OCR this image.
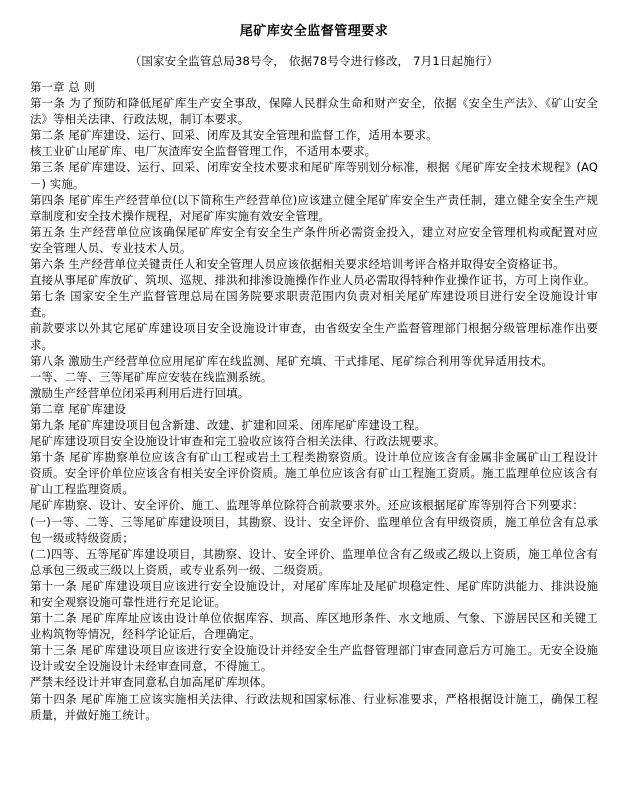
尾矿库安全监督管理要求
（国家安全监管总局38号令， 依据78号令进行修改， 7月1日起施行）

第一章 总 则

第一条 为了预防和降低尾矿库生产安全事敌，保障人民群众生命和财产安全，依据《安全生产法》、《矿山安全法》等相关法律、行政法规，制订本要求。

第二条 尾矿库建设、运行、回采、闭库及其安全管理和监督工作，适用本要求。

核工业矿山尾矿库、电厂灰渣库安全监督管理工作，不适用本要求。

第三条 尾矿库建设、运行、回采、闭库安全技术要求和尾矿库等别划分标准，根据《尾矿库安全技术规程》(AQ －) 实施。

第四条 尾矿库生产经营单位(以下简称生产经营单位)应该建立健全尾矿库安全生产责任制，建立健全安全生产规章制度和安全技术操作规程，对尾矿库实施有效安全管理。

第五条 生产经营单位应该确保尾矿库安全有安全生产条件所必需资金投入，建立对应安全管理机构或配置对应安全管理人员、专业技术人员。

第六条 生产经营单位关键责任人和安全管理人员应该依据相关要求经培训考评合格并取得安全资格证书。

直接从事尾矿库放矿、筑坝、巡规、排洪和排渗设施操作作业人员必需取得特种作业操作证书，方可上岗作业。

第七条 国家安全生产监督管理总局在国务院要求职责范围内负责对相关尾矿库建设项目进行安全设施设计审查。

前款要求以外其它尾矿库建设项目安全设施设计审查，由省级安全生产监督管理部门根据分级管理标准作出要求。

第八条 激励生产经营单位应用尾矿库在线监测、尾矿充填、干式排尾、尾矿综合利用等优异适用技术。

一等、二等、三等尾矿库应安装在线监测系统。

激励生产经营单位闭采再利用后进行回填。

第二章 尾矿库建设

第九条 尾矿库建设项目包含新建、改建、扩建和回采、闭库尾矿库建设工程。

尾矿库建设项目安全设施设计审查和完工验收应该符合相关法律、行政法规要求。

第十条 尾矿库勘察单位应该含有矿山工程或岩土工程类勘察资质。设计单位应该含有金属非金属矿山工程设计资质。安全评价单位应该含有相关安全评价资质。施工单位应该含有矿山工程施工资质。施工监理单位应该含有矿山工程监理资质。

尾矿库勘察、设计、安全评价、施工、监理等单位除符合前款要求外。还应该根据尾矿库等别符合下列要求：

(一)一等、二等、三等尾矿库建设项目，其勘察、设计、安全评价、监理单位含有甲级资质，施工单位含有总承包一级或特级资质；

(二)四等、五等尾矿库建设项目，其勘察、设计、安全评价、监理单位含有乙级或乙级以上资质，施工单位含有总承包三级或三级以上资质，或专业系列一级、二级资质。

第十一条 尾矿库建设项目应该进行安全设施设计，对尾矿库库址及尾矿坝稳定性、尾矿库防洪能力、排洪设施和安全观察设施可靠性进行充足论证。

第十二条 尾矿库库址应该由设计单位依据库容、坝高、库区地形条件、水文地质、气象、下游居民区和关键工业构筑物等情况，经科学论证后，合理确定。

第十三条 尾矿库建设项目应该进行安全设施设计并经安全生产监督管理部门审查同意后方可施工。无安全设施设计或安全设施设计未经审查同意，不得施工。

严禁未经设计并审查同意私自加高尾矿库坝体。

第十四条 尾矿库施工应该实施相关法律、行政法规和国家标准、行业标准要求，严格根据设计施工，确保工程质量，并做好施工统计。
